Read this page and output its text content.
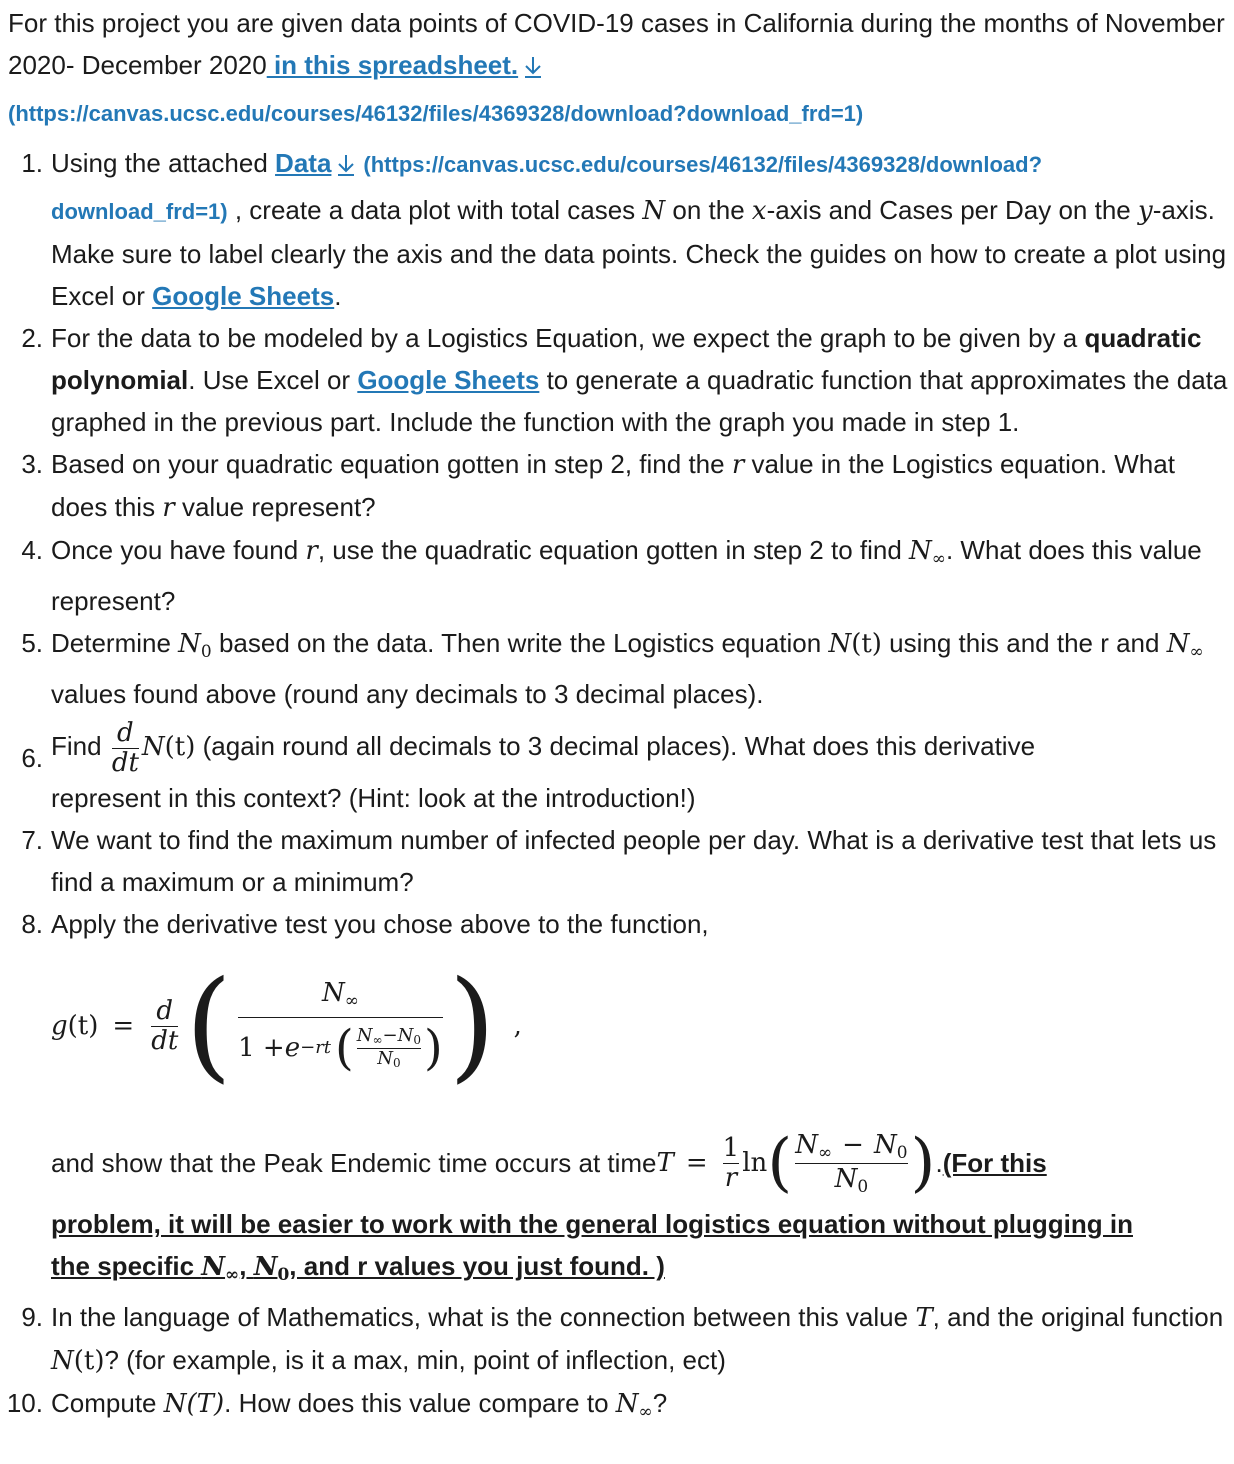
For this project you are given data points of COVID-19 cases in California during the months of November 2020- December 2020 in this spreadsheet.
(https://canvas.ucsc.edu/courses/46132/files/4369328/download?download_frd=1)
1. Using the attached Data (https://canvas.ucsc.edu/courses/46132/files/4369328/download?
download_frd=1) , create a data plot with total cases N on the x-axis and Cases per Day on the y-axis. Make sure to label clearly the axis and the data points. Check the guides on how to create a plot using Excel or Google Sheets.
2. For the data to be modeled by a Logistics Equation, we expect the graph to be given by a quadratic polynomial. Use Excel or Google Sheets to generate a quadratic function that approximates the data graphed in the previous part. Include the function with the graph you made in step 1.
3. Based on your quadratic equation gotten in step 2, find the r value in the Logistics equation. What does this r value represent?
4. Once you have found r, use the quadratic equation gotten in step 2 to find $N_\infty$. What does this value represent?
5. Determine $N_0$ based on the data. Then write the Logistics equation N(t) using this and the r and $N_\infty$ values found above (round any decimals to 3 decimal places).
6. Find $\frac{d}{dt} N(t)$ (again round all decimals to 3 decimal places). What does this derivative
represent in this context? (Hint: look at the introduction!)
7. We want to find the maximum number of infected people per day. What is a derivative test that lets us find a maximum or a minimum?
8. Apply the derivative test you chose above to the function,
g $(t) = \frac{d}{dt}$ (	$N_\infty$
1 + e −rt ( $\frac{N_\infty-N_0}{N_0}$ ) ) ,
and show that the Peak Endemic time occurs at time $T = \frac{1}{r}$ ln ( $\frac{N_\infty - N_0}{N_0}$ ) . (For this
problem, it will be easier to work with the general logistics equation without plugging in
the specific $N_\infty$, $N_0$, and r values you just found. )
9. In the language of Mathematics, what is the connection between this value T, and the original function N(t)? (for example, is it a max, min, point of inflection, ect)
10. Compute N(T). How does this value compare to $N_\infty$?
